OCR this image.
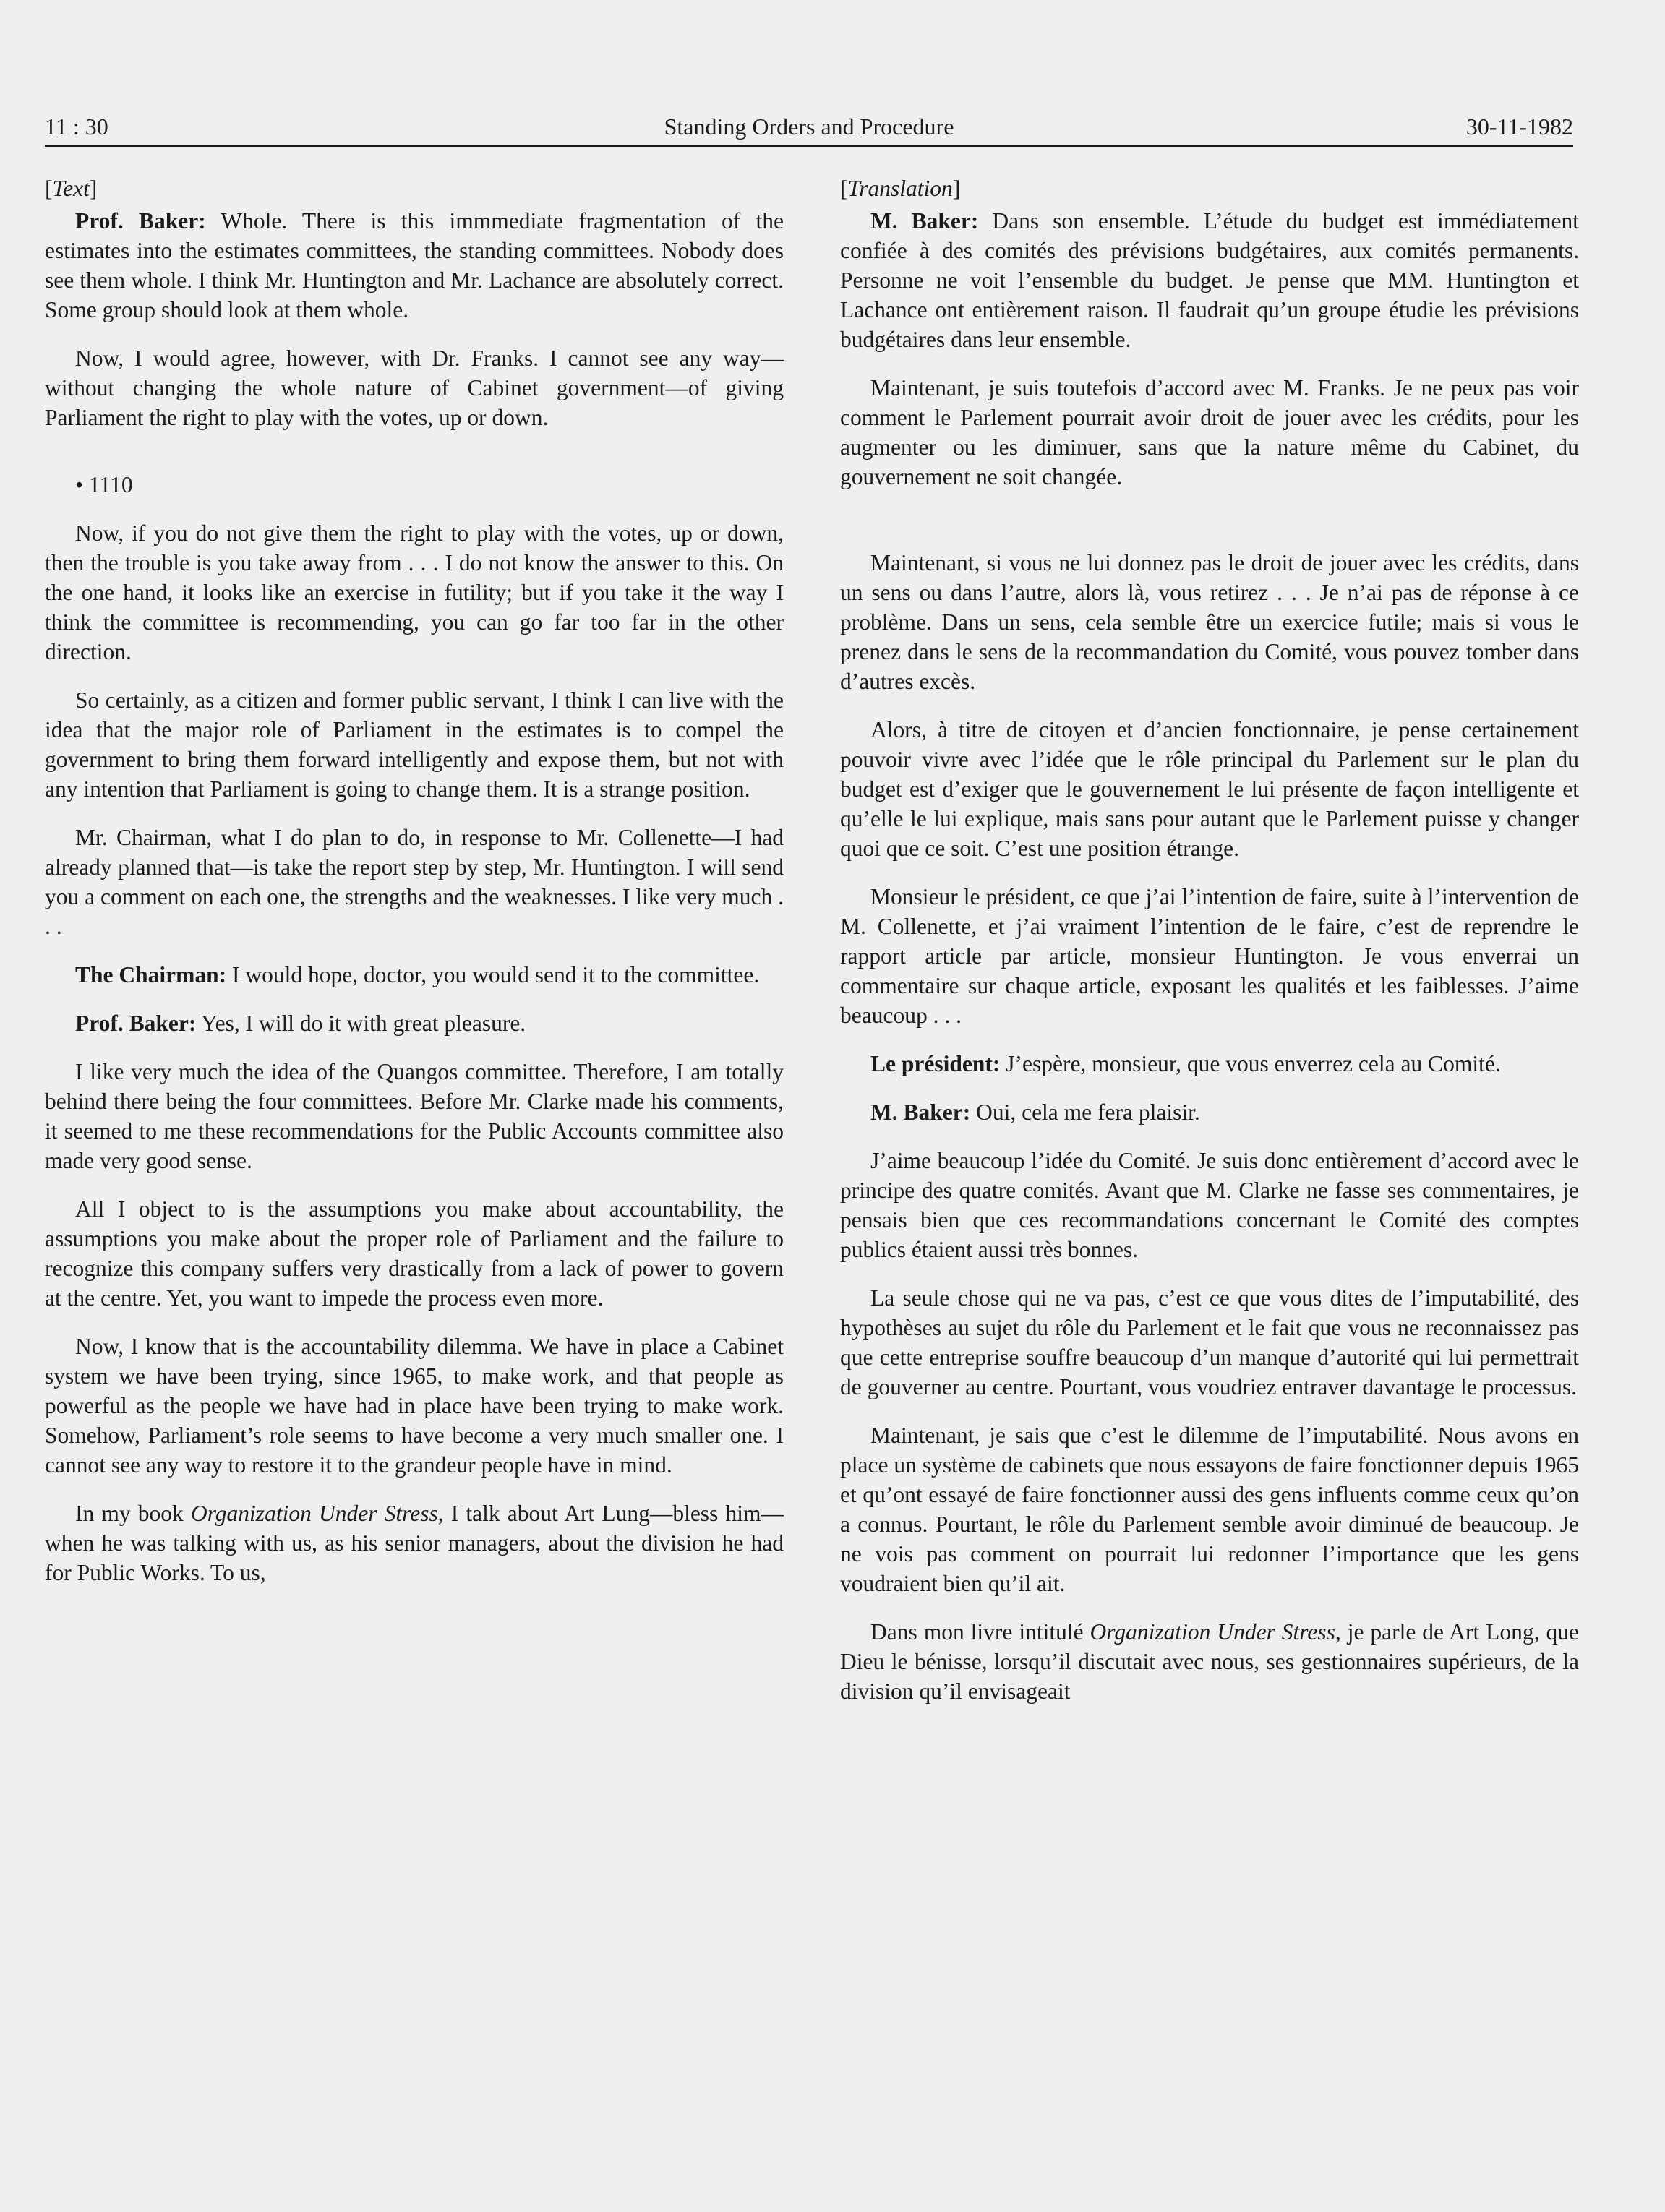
11 : 30	Standing Orders and Procedure	30-11-1982

[Text]

Prof. Baker: Whole. There is this immmediate fragmentation of the estimates into the estimates committees, the standing committees. Nobody does see them whole. I think Mr. Huntington and Mr. Lachance are absolutely correct. Some group should look at them whole.

Now, I would agree, however, with Dr. Franks. I cannot see any way—without changing the whole nature of Cabinet government—of giving Parliament the right to play with the votes, up or down.

• 1110

Now, if you do not give them the right to play with the votes, up or down, then the trouble is you take away from . . . I do not know the answer to this. On the one hand, it looks like an exercise in futility; but if you take it the way I think the committee is recommending, you can go far too far in the other direction.

So certainly, as a citizen and former public servant, I think I can live with the idea that the major role of Parliament in the estimates is to compel the government to bring them forward intelligently and expose them, but not with any intention that Parliament is going to change them. It is a strange position.

Mr. Chairman, what I do plan to do, in response to Mr. Collenette—I had already planned that—is take the report step by step, Mr. Huntington. I will send you a comment on each one, the strengths and the weaknesses. I like very much . . .

The Chairman: I would hope, doctor, you would send it to the committee.

Prof. Baker: Yes, I will do it with great pleasure.

I like very much the idea of the Quangos committee. Therefore, I am totally behind there being the four committees. Before Mr. Clarke made his comments, it seemed to me these recommendations for the Public Accounts committee also made very good sense.

All I object to is the assumptions you make about accountability, the assumptions you make about the proper role of Parliament and the failure to recognize this company suffers very drastically from a lack of power to govern at the centre. Yet, you want to impede the process even more.

Now, I know that is the accountability dilemma. We have in place a Cabinet system we have been trying, since 1965, to make work, and that people as powerful as the people we have had in place have been trying to make work. Somehow, Parliament’s role seems to have become a very much smaller one. I cannot see any way to restore it to the grandeur people have in mind.

In my book Organization Under Stress, I talk about Art Lung—bless him—when he was talking with us, as his senior managers, about the division he had for Public Works. To us,

[Translation]

M. Baker: Dans son ensemble. L’étude du budget est immédiatement confiée à des comités des prévisions budgétaires, aux comités permanents. Personne ne voit l’ensemble du budget. Je pense que MM. Huntington et Lachance ont entièrement raison. Il faudrait qu’un groupe étudie les prévisions budgétaires dans leur ensemble.

Maintenant, je suis toutefois d’accord avec M. Franks. Je ne peux pas voir comment le Parlement pourrait avoir droit de jouer avec les crédits, pour les augmenter ou les diminuer, sans que la nature même du Cabinet, du gouvernement ne soit changée.

Maintenant, si vous ne lui donnez pas le droit de jouer avec les crédits, dans un sens ou dans l’autre, alors là, vous retirez . . . Je n’ai pas de réponse à ce problème. Dans un sens, cela semble être un exercice futile; mais si vous le prenez dans le sens de la recommandation du Comité, vous pouvez tomber dans d’autres excès.

Alors, à titre de citoyen et d’ancien fonctionnaire, je pense certainement pouvoir vivre avec l’idée que le rôle principal du Parlement sur le plan du budget est d’exiger que le gouvernement le lui présente de façon intelligente et qu’elle le lui explique, mais sans pour autant que le Parlement puisse y changer quoi que ce soit. C’est une position étrange.

Monsieur le président, ce que j’ai l’intention de faire, suite à l’intervention de M. Collenette, et j’ai vraiment l’intention de le faire, c’est de reprendre le rapport article par article, monsieur Huntington. Je vous enverrai un commentaire sur chaque article, exposant les qualités et les faiblesses. J’aime beaucoup . . .

Le président: J’espère, monsieur, que vous enverrez cela au Comité.

M. Baker: Oui, cela me fera plaisir.

J’aime beaucoup l’idée du Comité. Je suis donc entièrement d’accord avec le principe des quatre comités. Avant que M. Clarke ne fasse ses commentaires, je pensais bien que ces recommandations concernant le Comité des comptes publics étaient aussi très bonnes.

La seule chose qui ne va pas, c’est ce que vous dites de l’imputabilité, des hypothèses au sujet du rôle du Parlement et le fait que vous ne reconnaissez pas que cette entreprise souffre beaucoup d’un manque d’autorité qui lui permettrait de gouverner au centre. Pourtant, vous voudriez entraver davantage le processus.

Maintenant, je sais que c’est le dilemme de l’imputabilité. Nous avons en place un système de cabinets que nous essayons de faire fonctionner depuis 1965 et qu’ont essayé de faire fonctionner aussi des gens influents comme ceux qu’on a connus. Pourtant, le rôle du Parlement semble avoir diminué de beaucoup. Je ne vois pas comment on pourrait lui redonner l’importance que les gens voudraient bien qu’il ait.

Dans mon livre intitulé Organization Under Stress, je parle de Art Long, que Dieu le bénisse, lorsqu’il discutait avec nous, ses gestionnaires supérieurs, de la division qu’il envisageait
